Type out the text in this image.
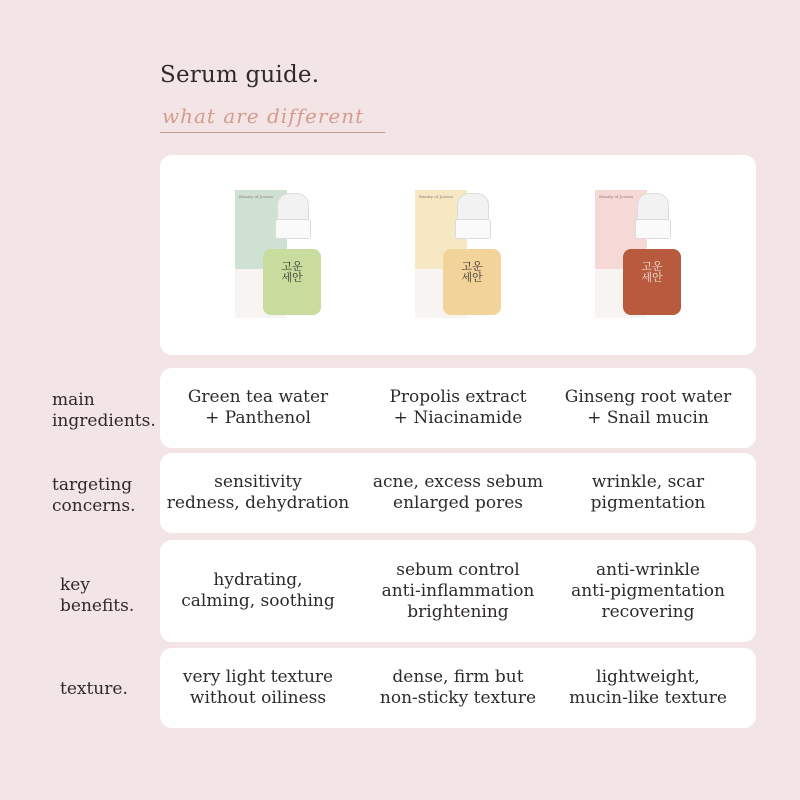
Serum guide.
what are different
Beauty of Joseon
고운
세안
Beauty of Joseon
고운
세안
Beauty of Joseon
고운
세안
main
ingredients.
Green tea water
+ Panthenol
Propolis extract
+ Niacinamide
Ginseng root water
+ Snail mucin
targeting
concerns.
sensitivity
redness, dehydration
acne, excess sebum
enlarged pores
wrinkle, scar
pigmentation
key
benefits.
hydrating,
calming, soothing
sebum control
anti-inflammation
brightening
anti-wrinkle
anti-pigmentation
recovering
texture.
very light texture
without oiliness
dense, firm but
non-sticky texture
lightweight,
mucin-like texture
